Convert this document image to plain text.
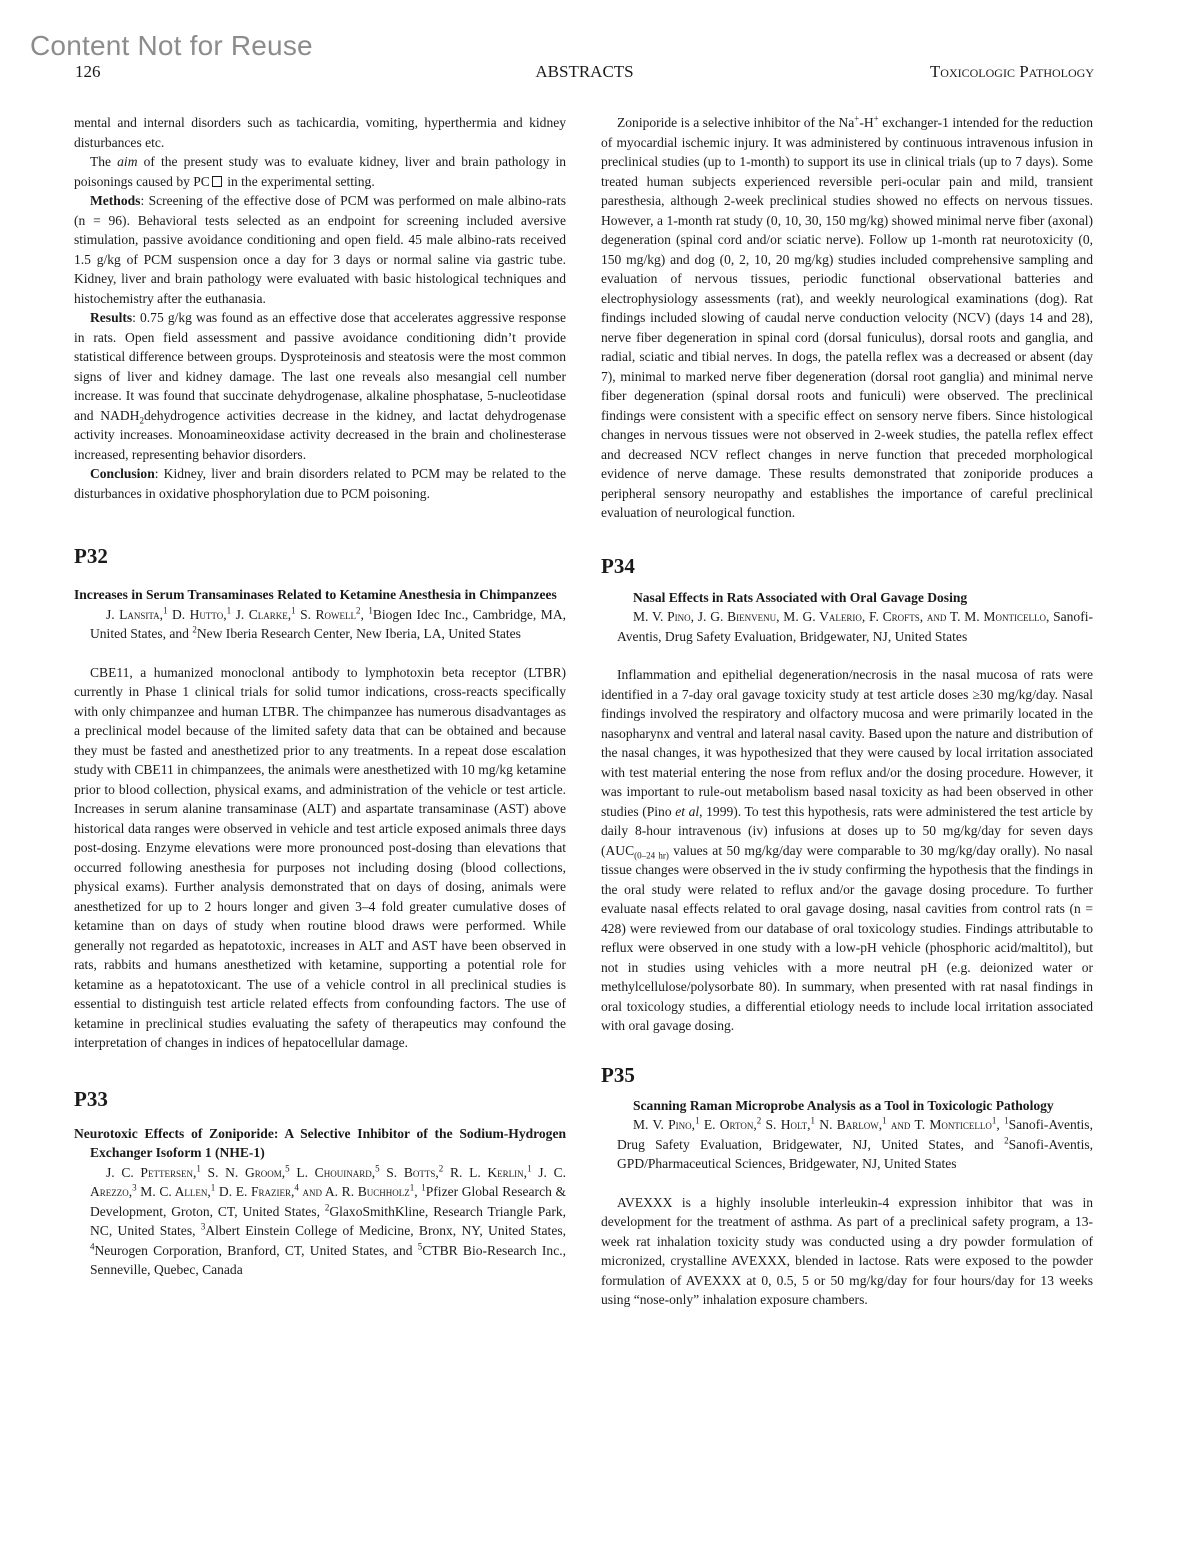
Content Not for Reuse
126	ABSTRACTS	Toxicologic Pathology

mental and internal disorders such as tachicardia, vomiting, hyperthermia and kidney disturbances etc.

The aim of the present study was to evaluate kidney, liver and brain pathology in poisonings caused by PC in the experimental setting.

Methods: Screening of the effective dose of PCM was performed on male albino-rats (n = 96). Behavioral tests selected as an endpoint for screening included aversive stimulation, passive avoidance conditioning and open field. 45 male albino-rats received 1.5 g/kg of PCM suspension once a day for 3 days or normal saline via gastric tube. Kidney, liver and brain pathology were evaluated with basic histological techniques and histochemistry after the euthanasia.

Results: 0.75 g/kg was found as an effective dose that accelerates aggressive response in rats. Open field assessment and passive avoidance conditioning didn’t provide statistical difference between groups. Dysproteinosis and steatosis were the most common signs of liver and kidney damage. The last one reveals also mesangial cell number increase. It was found that succinate dehydrogenase, alkaline phosphatase, 5-nucleotidase and $NADH_2dehydrogence$ activities decrease in the kidney, and lactat dehydrogenase activity increases. Monoamineoxidase activity decreased in the brain and cholinesterase increased, representing behavior disorders.

Conclusion: Kidney, liver and brain disorders related to PCM may be related to the disturbances in oxidative phosphorylation due to PCM poisoning.

P32

Increases in Serum Transaminases Related to Ketamine Anesthesia in Chimpanzees

J. Lansita,$^1$ D. Hutto,$^1$ J. Clarke,$^1$ S. Rowell$^2$, $^1$Biogen Idec Inc., Cambridge, MA, United States, and $^2$New Iberia Research Center, New Iberia, LA, United States

CBE11, a humanized monoclonal antibody to lymphotoxin beta receptor (LTBR) currently in Phase 1 clinical trials for solid tumor indications, cross-reacts specifically with only chimpanzee and human LTBR. The chimpanzee has numerous disadvantages as a preclinical model because of the limited safety data that can be obtained and because they must be fasted and anesthetized prior to any treatments. In a repeat dose escalation study with CBE11 in chimpanzees, the animals were anesthetized with 10 mg/kg ketamine prior to blood collection, physical exams, and administration of the vehicle or test article. Increases in serum alanine transaminase (ALT) and aspartate transaminase (AST) above historical data ranges were observed in vehicle and test article exposed animals three days post-dosing. Enzyme elevations were more pronounced post-dosing than elevations that occurred following anesthesia for purposes not including dosing (blood collections, physical exams). Further analysis demonstrated that on days of dosing, animals were anesthetized for up to 2 hours longer and given 3–4 fold greater cumulative doses of ketamine than on days of study when routine blood draws were performed. While generally not regarded as hepatotoxic, increases in ALT and AST have been observed in rats, rabbits and humans anesthetized with ketamine, supporting a potential role for ketamine as a hepatotoxicant. The use of a vehicle control in all preclinical studies is essential to distinguish test article related effects from confounding factors. The use of ketamine in preclinical studies evaluating the safety of therapeutics may confound the interpretation of changes in indices of hepatocellular damage.

P33

Neurotoxic Effects of Zoniporide: A Selective Inhibitor of the Sodium-Hydrogen Exchanger Isoform 1 (NHE-1)

J. C. Pettersen,$^1$ S. N. Groom,$^5$ L. Chouinard,$^5$ S. Botts,$^2$ R. L. Kerlin,$^1$ J. C. Arezzo,$^3$ M. C. Allen,$^1$ D. E. Frazier,$^4$ and A. R. Buchholz$^1$, $^1$Pfizer Global Research & Development, Groton, CT, United States, $^2$GlaxoSmithKline, Research Triangle Park, NC, United States, $^3$Albert Einstein College of Medicine, Bronx, NY, United States, $^4$Neurogen Corporation, Branford, CT, United States, and $^5$CTBR Bio-Research Inc., Senneville, Quebec, Canada

Zoniporide is a selective inhibitor of the Na+-H+ exchanger-1 intended for the reduction of myocardial ischemic injury. It was administered by continuous intravenous infusion in preclinical studies (up to 1-month) to support its use in clinical trials (up to 7 days). Some treated human subjects experienced reversible peri-ocular pain and mild, transient paresthesia, although 2-week preclinical studies showed no effects on nervous tissues. However, a 1-month rat study (0, 10, 30, 150 mg/kg) showed minimal nerve fiber (axonal) degeneration (spinal cord and/or sciatic nerve). Follow up 1-month rat neurotoxicity (0, 150 mg/kg) and dog (0, 2, 10, 20 mg/kg) studies included comprehensive sampling and evaluation of nervous tissues, periodic functional observational batteries and electrophysiology assessments (rat), and weekly neurological examinations (dog). Rat findings included slowing of caudal nerve conduction velocity (NCV) (days 14 and 28), nerve fiber degeneration in spinal cord (dorsal funiculus), dorsal roots and ganglia, and radial, sciatic and tibial nerves. In dogs, the patella reflex was a decreased or absent (day 7), minimal to marked nerve fiber degeneration (dorsal root ganglia) and minimal nerve fiber degeneration (spinal dorsal roots and funiculi) were observed. The preclinical findings were consistent with a specific effect on sensory nerve fibers. Since histological changes in nervous tissues were not observed in 2-week studies, the patella reflex effect and decreased NCV reflect changes in nerve function that preceded morphological evidence of nerve damage. These results demonstrated that zoniporide produces a peripheral sensory neuropathy and establishes the importance of careful preclinical evaluation of neurological function.

P34

Nasal Effects in Rats Associated with Oral Gavage Dosing

M. V. Pino, J. G. Bienvenu, M. G. Valerio, F. Crofts, and T. M. Monticello, Sanofi-Aventis, Drug Safety Evaluation, Bridgewater, NJ, United States

Inflammation and epithelial degeneration/necrosis in the nasal mucosa of rats were identified in a 7-day oral gavage toxicity study at test article doses ≥30 mg/kg/day. Nasal findings involved the respiratory and olfactory mucosa and were primarily located in the nasopharynx and ventral and lateral nasal cavity. Based upon the nature and distribution of the nasal changes, it was hypothesized that they were caused by local irritation associated with test material entering the nose from reflux and/or the dosing procedure. However, it was important to rule-out metabolism based nasal toxicity as had been observed in other studies (Pino et al, 1999). To test this hypothesis, rats were administered the test article by daily 8-hour intravenous (iv) infusions at doses up to 50 mg/kg/day for seven days ($AUC_{(0-24 hr)}$ values at 50 mg/kg/day were comparable to 30 mg/kg/day orally). No nasal tissue changes were observed in the iv study confirming the hypothesis that the findings in the oral study were related to reflux and/or the gavage dosing procedure. To further evaluate nasal effects related to oral gavage dosing, nasal cavities from control rats (n = 428) were reviewed from our database of oral toxicology studies. Findings attributable to reflux were observed in one study with a low-pH vehicle (phosphoric acid/maltitol), but not in studies using vehicles with a more neutral pH (e.g. deionized water or methylcellulose/polysorbate 80). In summary, when presented with rat nasal findings in oral toxicology studies, a differential etiology needs to include local irritation associated with oral gavage dosing.

P35

Scanning Raman Microprobe Analysis as a Tool in Toxicologic Pathology

M. V. Pino,$^1$ E. Orton,$^2$ S. Holt,$^1$ N. Barlow,$^1$ and T. Monticello$^1$, $^1$Sanofi-Aventis, Drug Safety Evaluation, Bridgewater, NJ, United States, and $^2$Sanofi-Aventis, GPD/Pharmaceutical Sciences, Bridgewater, NJ, United States

AVEXXX is a highly insoluble interleukin-4 expression inhibitor that was in development for the treatment of asthma. As part of a preclinical safety program, a 13-week rat inhalation toxicity study was conducted using a dry powder formulation of micronized, crystalline AVEXXX, blended in lactose. Rats were exposed to the powder formulation of AVEXXX at 0, 0.5, 5 or 50 mg/kg/day for four hours/day for 13 weeks using “nose-only” inhalation exposure chambers.
